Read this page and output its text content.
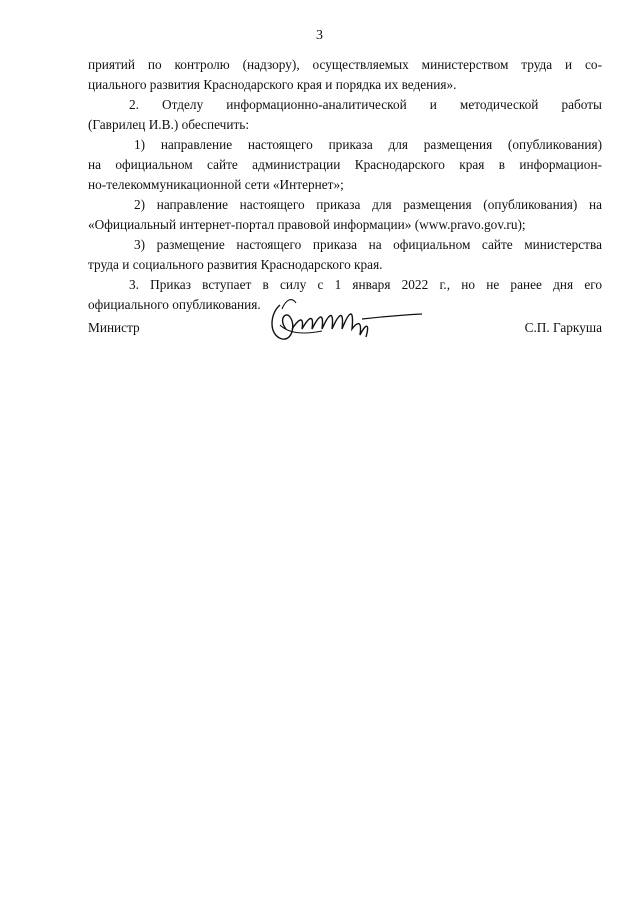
3
приятий по контролю (надзору), осуществляемых министерством труда и со-
циального развития Краснодарского края и порядка их ведения».
2. Отделу информационно-аналитической и методической работы
(Гаврилец И.В.) обеспечить:
1) направление настоящего приказа для размещения (опубликования)
на официальном сайте администрации Краснодарского края в информацион-
но-телекоммуникационной сети «Интернет»;
2) направление настоящего приказа для размещения (опубликования) на
«Официальный интернет-портал правовой информации» (www.pravo.gov.ru);
3) размещение настоящего приказа на официальном сайте министерства
труда и социального развития Краснодарского края.
3. Приказ вступает в силу с 1 января 2022 г., но не ранее дня его
официального опубликования.
Министр	С.П. Гаркуша
